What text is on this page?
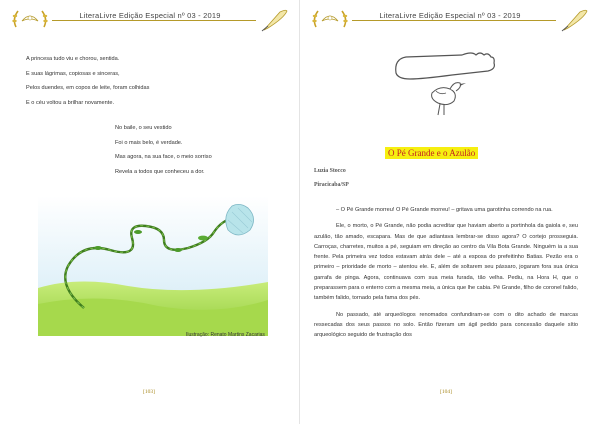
LiteraLivre Edição Especial nº 03 - 2019
A princesa tudo viu e chorou, sentida.
E suas lágrimas, copiosas e sinceras,
Pelos duendes, em copos de leite, foram colhidas
E o céu voltou a brilhar novamente.
No baile, o seu vestido
Foi o mais belo, é verdade.
Mas agora, na sua face, o meio sorriso
Revela a todos que conheceu a dor.
Ilustração: Renato Martins Zacarias
[103]
LiteraLivre Edição Especial nº 03 - 2019
O Pé Grande e o Azulão
Luzia Stocco
Piracicaba/SP

– O Pé Grande morreu! O Pé Grande morreu! – gritava uma garotinha correndo na rua.

Ele, o morto, o Pé Grande, não podia acreditar que haviam aberto a portinhola da gaiola e, seu azulão, tão amado, escapara. Mas de que adiantava lembrar-se disso agora? O cortejo prosseguia. Carroças, charretes, muitos a pé, seguiam em direção ao centro da Vila Bota Grande. Ninguém ia a sua frente. Pela primeira vez todos estavam atrás dele – até a esposa do prefeitinho Batias. Pezão era o primeiro – prioridade de morto – atentou ele. E, além de soltarem seu pássaro, jogaram fora sua única garrafa de pinga. Agora, continuava com sua meia furada, tão velha. Pediu, na Hora H, que o preparassem para o enterro com a mesma meia, a única que lhe cabia. Pé Grande, filho de coronel falido, também falido, tornado pela fama dos pés.

No passado, até arqueólogos renomados confundiram-se com o dito achado de marcas ressecadas dos seus passos no solo. Então fizeram um ágil pedido para concessão daquele sítio arqueológico seguido de frustração dos

[104]
